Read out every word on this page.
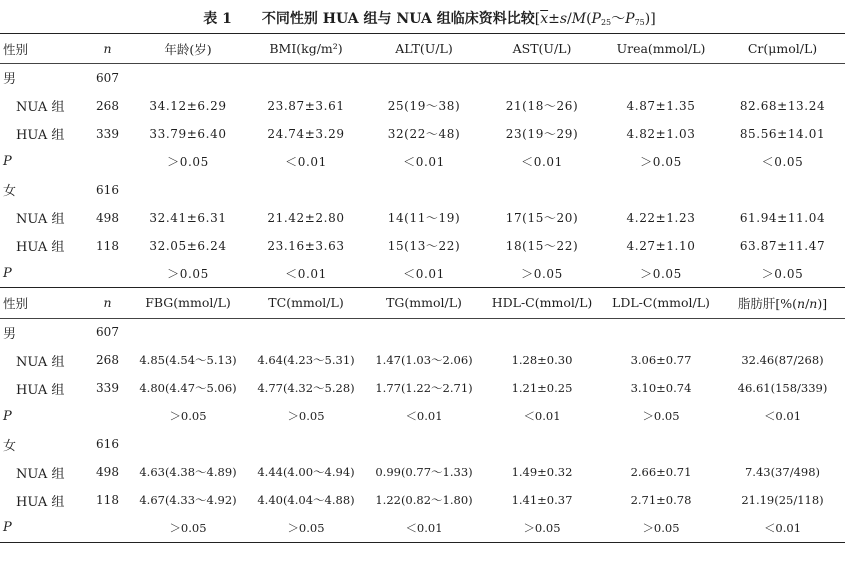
表 1 不同性别 HUA 组与 NUA 组临床资料比较$[\overline{x}\pm s/M(P_{25}\sim P_{75})]$
性别	n	年龄(岁)	BMI(kg/m²)	ALT(U/L)	AST(U/L)	Urea(mmol/L)	Cr(μmol/L)
男	607						
NUA 组	268	34.12±6.29	23.87±3.61	25(19～38)	21(18～26)	4.87±1.35	82.68±13.24
HUA 组	339	33.79±6.40	24.74±3.29	32(22～48)	23(19～29)	4.82±1.03	85.56±14.01
P		＞0.05	＜0.01	＜0.01	＜0.01	＞0.05	＜0.05
女	616						
NUA 组	498	32.41±6.31	21.42±2.80	14(11～19)	17(15～20)	4.22±1.23	61.94±11.04
HUA 组	118	32.05±6.24	23.16±3.63	15(13～22)	18(15～22)	4.27±1.10	63.87±11.47
P		＞0.05	＜0.01	＜0.01	＞0.05	＞0.05	＞0.05
性别	n	FBG(mmol/L)	TC(mmol/L)	TG(mmol/L)	HDL-C(mmol/L)	LDL-C(mmol/L)	脂肪肝[%(n/n)]
男	607						
NUA 组	268	4.85(4.54～5.13)	4.64(4.23～5.31)	1.47(1.03～2.06)	1.28±0.30	3.06±0.77	32.46(87/268)
HUA 组	339	4.80(4.47～5.06)	4.77(4.32～5.28)	1.77(1.22～2.71)	1.21±0.25	3.10±0.74	46.61(158/339)
P		＞0.05	＞0.05	＜0.01	＜0.01	＞0.05	＜0.01
女	616						
NUA 组	498	4.63(4.38～4.89)	4.44(4.00～4.94)	0.99(0.77～1.33)	1.49±0.32	2.66±0.71	7.43(37/498)
HUA 组	118	4.67(4.33～4.92)	4.40(4.04～4.88)	1.22(0.82～1.80)	1.41±0.37	2.71±0.78	21.19(25/118)
P		＞0.05	＞0.05	＜0.01	＞0.05	＞0.05	＜0.01
